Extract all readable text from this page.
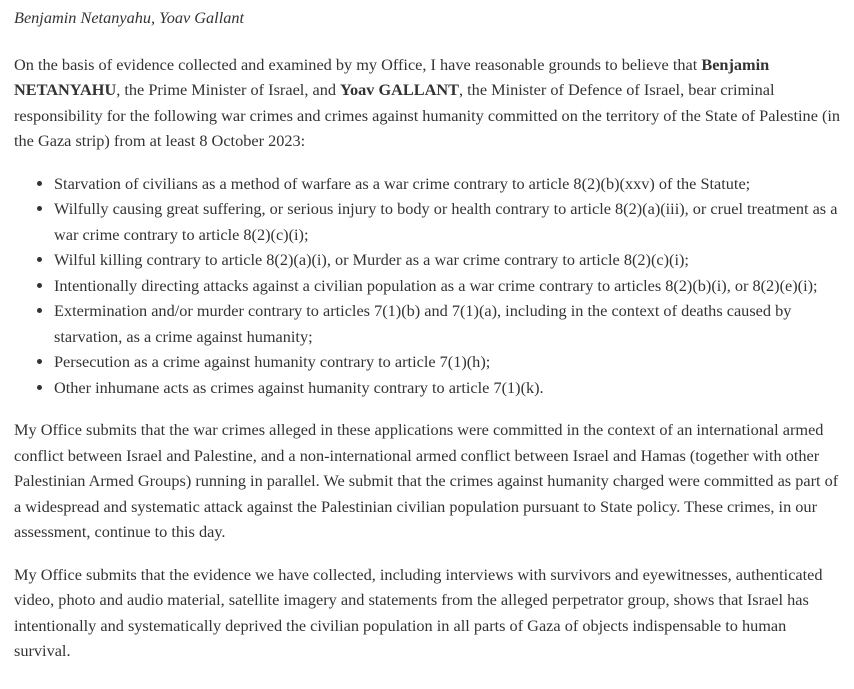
Benjamin Netanyahu, Yoav Gallant

On the basis of evidence collected and examined by my Office, I have reasonable grounds to believe that Benjamin NETANYAHU, the Prime Minister of Israel, and Yoav GALLANT, the Minister of Defence of Israel, bear criminal responsibility for the following war crimes and crimes against humanity committed on the territory of the State of Palestine (in the Gaza strip) from at least 8 October 2023:

• Starvation of civilians as a method of warfare as a war crime contrary to article 8(2)(b)(xxv) of the Statute;
• Wilfully causing great suffering, or serious injury to body or health contrary to article 8(2)(a)(iii), or cruel treatment as a war crime contrary to article 8(2)(c)(i);
• Wilful killing contrary to article 8(2)(a)(i), or Murder as a war crime contrary to article 8(2)(c)(i);
• Intentionally directing attacks against a civilian population as a war crime contrary to articles 8(2)(b)(i), or 8(2)(e)(i);
• Extermination and/or murder contrary to articles 7(1)(b) and 7(1)(a), including in the context of deaths caused by starvation, as a crime against humanity;
• Persecution as a crime against humanity contrary to article 7(1)(h);
• Other inhumane acts as crimes against humanity contrary to article 7(1)(k).

My Office submits that the war crimes alleged in these applications were committed in the context of an international armed conflict between Israel and Palestine, and a non-international armed conflict between Israel and Hamas (together with other Palestinian Armed Groups) running in parallel. We submit that the crimes against humanity charged were committed as part of a widespread and systematic attack against the Palestinian civilian population pursuant to State policy. These crimes, in our assessment, continue to this day.

My Office submits that the evidence we have collected, including interviews with survivors and eyewitnesses, authenticated video, photo and audio material, satellite imagery and statements from the alleged perpetrator group, shows that Israel has intentionally and systematically deprived the civilian population in all parts of Gaza of objects indispensable to human survival.
